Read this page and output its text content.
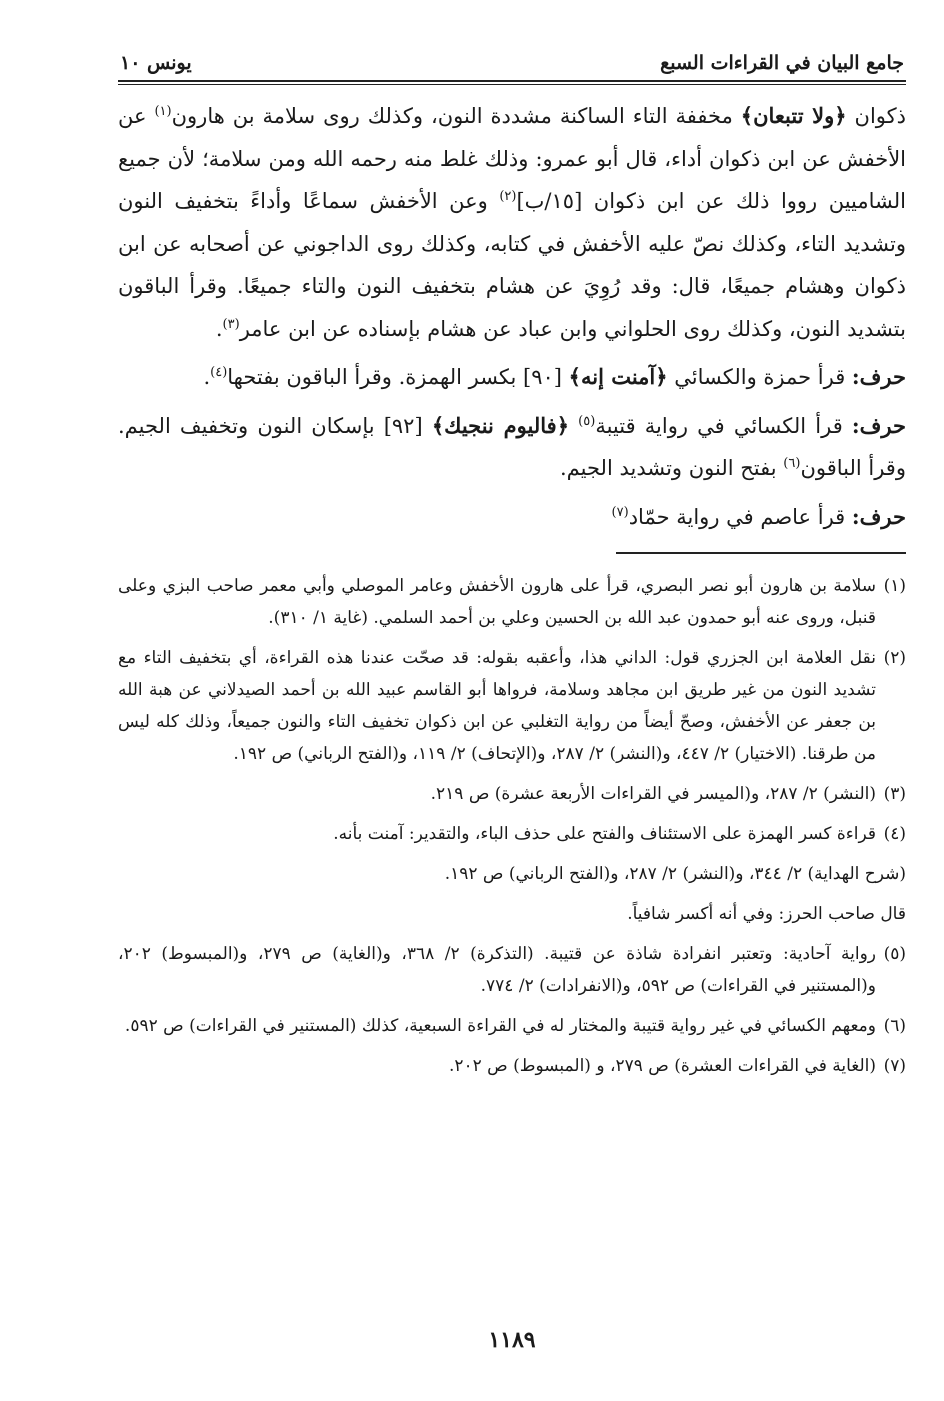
جامع البيان في القراءات السبع
يونس ١٠

ذكوان ﴿ولا تتبعان﴾ مخففة التاء الساكنة مشددة النون، وكذلك روى سلامة بن هارون$^{(١)}$ عن الأخفش عن ابن ذكوان أداء، قال أبو عمرو: وذلك غلط منه رحمه الله ومن سلامة؛ لأن جميع الشاميين رووا ذلك عن ابن ذكوان [١٥/ب]$^{(٢)}$ وعن الأخفش سماعًا وأداءً بتخفيف النون وتشديد التاء، وكذلك نصّ عليه الأخفش في كتابه، وكذلك روى الداجوني عن أصحابه عن ابن ذكوان وهشام جميعًا، قال: وقد رُوِيَ عن هشام بتخفيف النون والتاء جميعًا. وقرأ الباقون بتشديد النون، وكذلك روى الحلواني وابن عباد عن هشام بإسناده عن ابن عامر$^{(٣)}$.

حرف: قرأ حمزة والكسائي ﴿آمنت إنه﴾ [٩٠] بكسر الهمزة. وقرأ الباقون بفتحها$^{(٤)}$.

حرف: قرأ الكسائي في رواية قتيبة$^{(٥)}$ ﴿فاليوم ننجيك﴾ [٩٢] بإسكان النون وتخفيف الجيم. وقرأ الباقون$^{(٦)}$ بفتح النون وتشديد الجيم.

حرف: قرأ عاصم في رواية حمّاد$^{(٧)}$

(١)
سلامة بن هارون أبو نصر البصري، قرأ على هارون الأخفش وعامر الموصلي وأبي معمر صاحب البزي وعلى قنبل، وروى عنه أبو حمدون عبد الله بن الحسين وعلي بن أحمد السلمي. (غاية ١/ ٣١٠).
(٢)
نقل العلامة ابن الجزري قول: الداني هذا، وأعقبه بقوله: قد صحّت عندنا هذه القراءة، أي بتخفيف التاء مع تشديد النون من غير طريق ابن مجاهد وسلامة، فرواها أبو القاسم عبيد الله بن أحمد الصيدلاني عن هبة الله بن جعفر عن الأخفش، وصحّ أيضاً من رواية التغلبي عن ابن ذكوان تخفيف التاء والنون جميعاً، وذلك كله ليس من طرقنا. (الاختيار) ٢/ ٤٤٧، و(النشر) ٢/ ٢٨٧، و(الإتحاف) ٢/ ١١٩، و(الفتح الرباني) ص ١٩٢.
(٣)
(النشر) ٢/ ٢٨٧، و(الميسر في القراءات الأربعة عشرة) ص ٢١٩.
(٤)
قراءة كسر الهمزة على الاستئناف والفتح على حذف الباء، والتقدير: آمنت بأنه.
(شرح الهداية) ٢/ ٣٤٤، و(النشر) ٢/ ٢٨٧، و(الفتح الرباني) ص ١٩٢.
قال صاحب الحرز: وفي أنه أكسر شافياً.
(٥)
رواية آحادية: وتعتبر انفرادة شاذة عن قتيبة. (التذكرة) ٢/ ٣٦٨، و(الغاية) ص ٢٧٩، و(المبسوط) ٢٠٢، و(المستنير في القراءات) ص ٥٩٢، و(الانفرادات) ٢/ ٧٧٤.
(٦)
ومعهم الكسائي في غير رواية قتيبة والمختار له في القراءة السبعية، كذلك (المستنير في القراءات) ص ٥٩٢.
(٧)
(الغاية في القراءات العشرة) ص ٢٧٩، و (المبسوط) ص ٢٠٢.
١١٨٩
